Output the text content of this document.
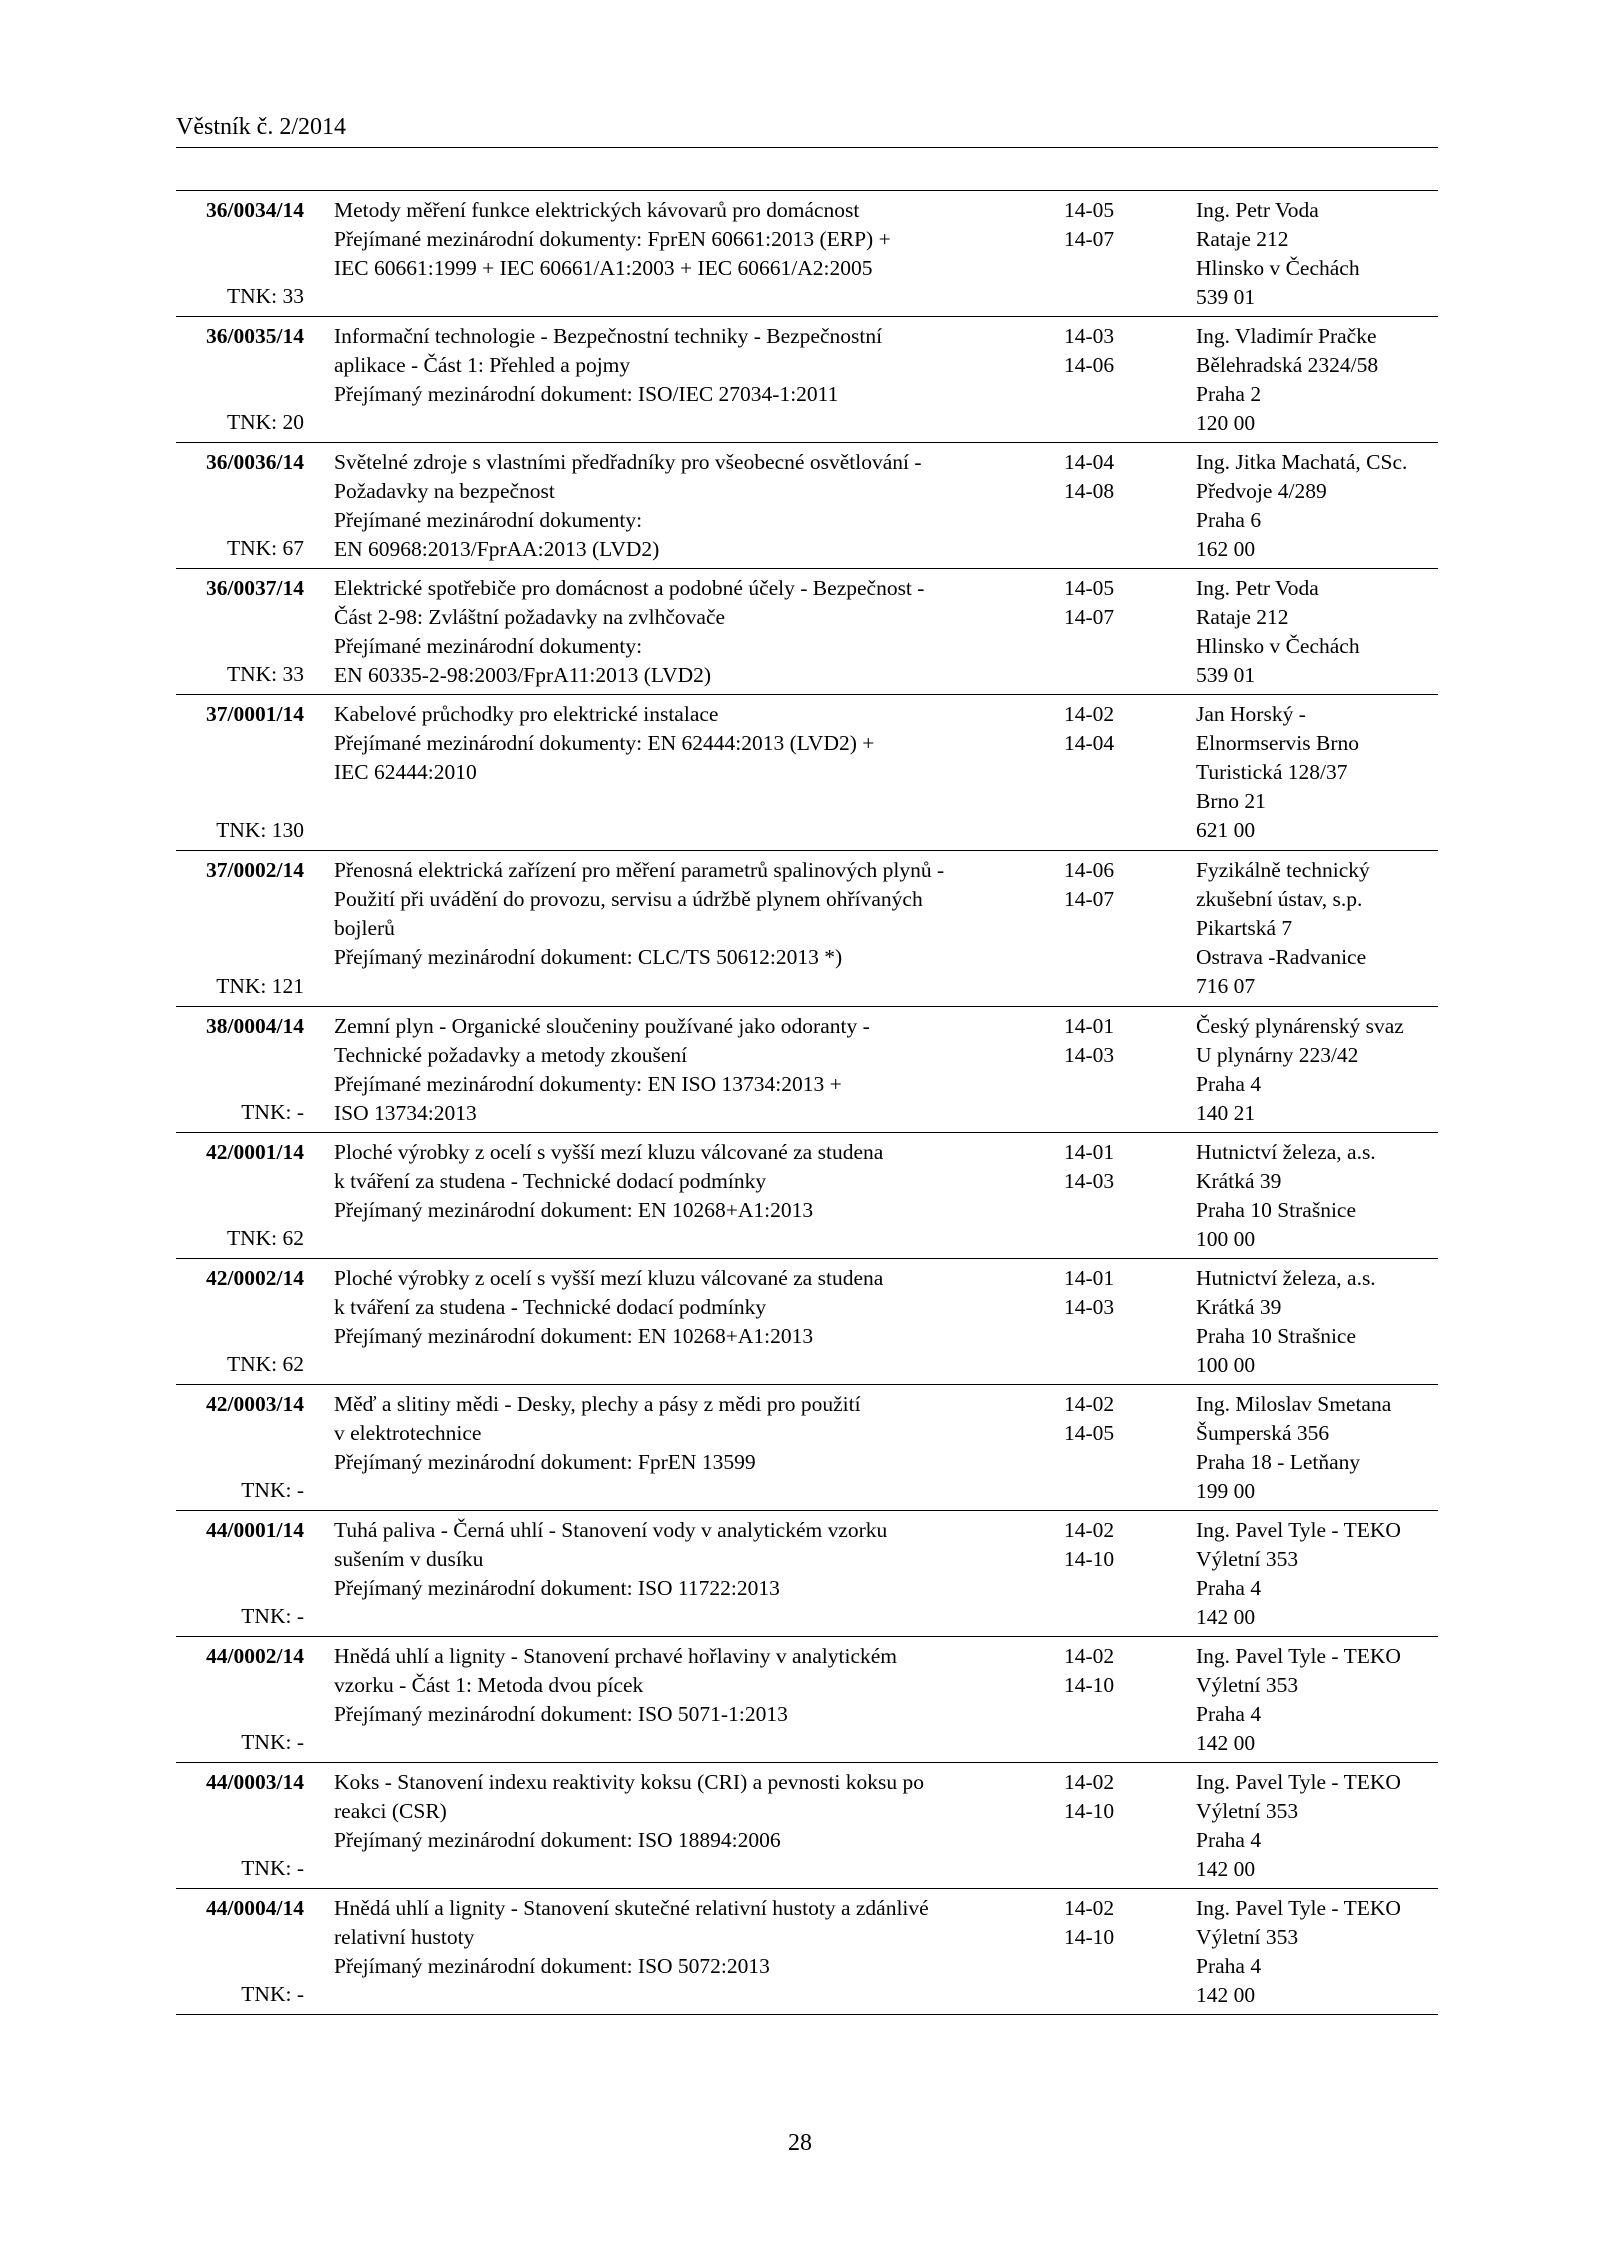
Věstník č. 2/2014
36/0034/14
TNK: 33
Metody měření funkce elektrických kávovarů pro domácnost
Přejímané mezinárodní dokumenty: FprEN 60661:2013 (ERP) +
IEC 60661:1999 + IEC 60661/A1:2003 + IEC 60661/A2:2005
14-05
14-07
Ing. Petr Voda
Rataje 212
Hlinsko v Čechách
539 01
36/0035/14
TNK: 20
Informační technologie - Bezpečnostní techniky - Bezpečnostní
aplikace - Část 1: Přehled a pojmy
Přejímaný mezinárodní dokument: ISO/IEC 27034-1:2011
14-03
14-06
Ing. Vladimír Pračke
Bělehradská 2324/58
Praha 2
120 00
36/0036/14
TNK: 67
Světelné zdroje s vlastními předřadníky pro všeobecné osvětlování -
Požadavky na bezpečnost
Přejímané mezinárodní dokumenty:
EN 60968:2013/FprAA:2013 (LVD2)
14-04
14-08
Ing. Jitka Machatá, CSc.
Předvoje 4/289
Praha 6
162 00
36/0037/14
TNK: 33
Elektrické spotřebiče pro domácnost a podobné účely - Bezpečnost -
Část 2-98: Zvláštní požadavky na zvlhčovače
Přejímané mezinárodní dokumenty:
EN 60335-2-98:2003/FprA11:2013 (LVD2)
14-05
14-07
Ing. Petr Voda
Rataje 212
Hlinsko v Čechách
539 01
37/0001/14
TNK: 130
Kabelové průchodky pro elektrické instalace
Přejímané mezinárodní dokumenty: EN 62444:2013 (LVD2) +
IEC 62444:2010
14-02
14-04
Jan Horský -
Elnormservis Brno
Turistická 128/37
Brno 21
621 00
37/0002/14
TNK: 121
Přenosná elektrická zařízení pro měření parametrů spalinových plynů -
Použití při uvádění do provozu, servisu a údržbě plynem ohřívaných
bojlerů
Přejímaný mezinárodní dokument: CLC/TS 50612:2013 *)
14-06
14-07
Fyzikálně technický
zkušební ústav, s.p.
Pikartská 7
Ostrava -Radvanice
716 07
38/0004/14
TNK: -
Zemní plyn - Organické sloučeniny používané jako odoranty -
Technické požadavky a metody zkoušení
Přejímané mezinárodní dokumenty: EN ISO 13734:2013 +
ISO 13734:2013
14-01
14-03
Český plynárenský svaz
U plynárny 223/42
Praha 4
140 21
42/0001/14
TNK: 62
Ploché výrobky z ocelí s vyšší mezí kluzu válcované za studena
k tváření za studena - Technické dodací podmínky
Přejímaný mezinárodní dokument: EN 10268+A1:2013
14-01
14-03
Hutnictví železa, a.s.
Krátká 39
Praha 10 Strašnice
100 00
42/0002/14
TNK: 62
Ploché výrobky z ocelí s vyšší mezí kluzu válcované za studena
k tváření za studena - Technické dodací podmínky
Přejímaný mezinárodní dokument: EN 10268+A1:2013
14-01
14-03
Hutnictví železa, a.s.
Krátká 39
Praha 10 Strašnice
100 00
42/0003/14
TNK: -
Měď a slitiny mědi - Desky, plechy a pásy z mědi pro použití
v elektrotechnice
Přejímaný mezinárodní dokument: FprEN 13599
14-02
14-05
Ing. Miloslav Smetana
Šumperská 356
Praha 18 - Letňany
199 00
44/0001/14
TNK: -
Tuhá paliva - Černá uhlí - Stanovení vody v analytickém vzorku
sušením v dusíku
Přejímaný mezinárodní dokument: ISO 11722:2013
14-02
14-10
Ing. Pavel Tyle - TEKO
Výletní 353
Praha 4
142 00
44/0002/14
TNK: -
Hnědá uhlí a lignity - Stanovení prchavé hořlaviny v analytickém
vzorku - Část 1: Metoda dvou pícek
Přejímaný mezinárodní dokument: ISO 5071-1:2013
14-02
14-10
Ing. Pavel Tyle - TEKO
Výletní 353
Praha 4
142 00
44/0003/14
TNK: -
Koks - Stanovení indexu reaktivity koksu (CRI) a pevnosti koksu po
reakci (CSR)
Přejímaný mezinárodní dokument: ISO 18894:2006
14-02
14-10
Ing. Pavel Tyle - TEKO
Výletní 353
Praha 4
142 00
44/0004/14
TNK: -
Hnědá uhlí a lignity - Stanovení skutečné relativní hustoty a zdánlivé
relativní hustoty
Přejímaný mezinárodní dokument: ISO 5072:2013
14-02
14-10
Ing. Pavel Tyle - TEKO
Výletní 353
Praha 4
142 00
28
